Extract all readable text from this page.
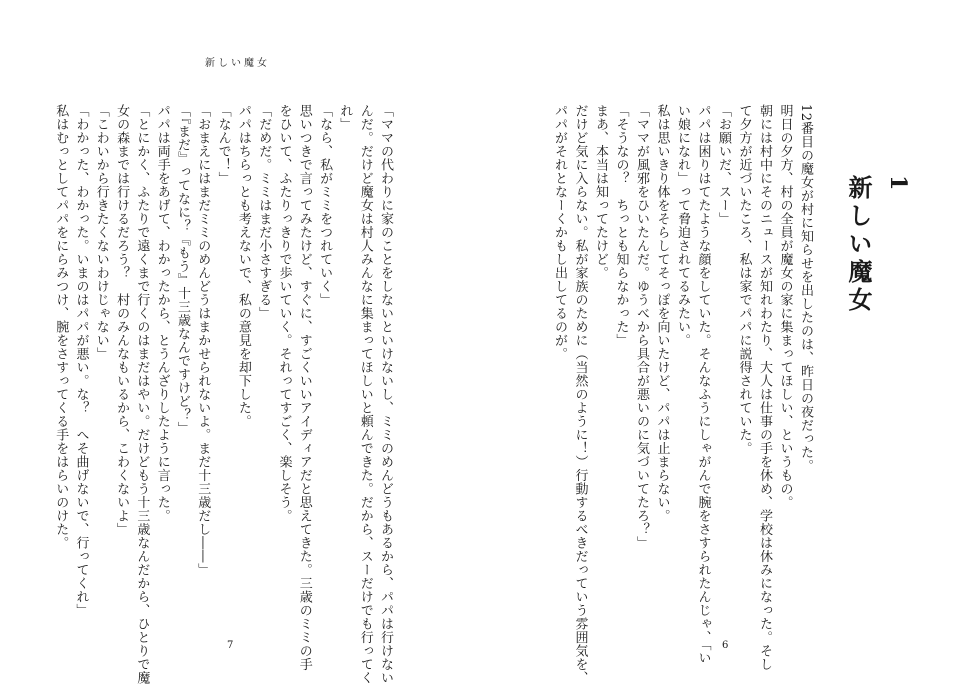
新しい魔女
1
新しい魔女
12番目の魔女が村に知らせを出したのは、昨日の夜だった。
明日の夕方、村の全員が魔女の家に集まってほしい、というもの。
朝には村中にそのニュースが知れわたり、大人は仕事の手を休め、学校は休みになった。そし
て夕方が近づいたころ、私は家でパパに説得されていた。
「お願いだ、スー」
パパは困りはてたような顔をしていた。そんなふうにしゃがんで腕をさすられたんじゃ、「い
い娘になれ」って脅迫されてるみたい。
私は思いきり体をそらしてそっぽを向いたけど、パパは止まらない。
「ママが風邪をひいたんだ。ゆうべから具合が悪いのに気づいてたろ？」
「そうなの？　ちっとも知らなかった」
まあ、本当は知ってたけど。
だけど気に入らない。私が家族のために（当然のように！）行動するべきだっていう雰囲気を、
パパがそれとなーくかもし出してるのが。
「ママの代わりに家のことをしないといけないし、ミミのめんどうもあるから、パパは行けない
んだ。だけど魔女は村人みんなに集まってほしいと頼んできた。だから、スーだけでも行ってく
れ」
「なら、私がミミをつれていく」
思いつきで言ってみたけど、すぐに、すごくいいアイディアだと思えてきた。三歳のミミの手
をひいて、ふたりっきりで歩いていく。それってすごく、楽しそう。
「だめだ。ミミはまだ小さすぎる」
パパはちらっとも考えないで、私の意見を却下した。
「なんで！」
「おまえにはまだミミのめんどうはまかせられないよ。まだ十三歳だし――」
「『まだ』ってなに？『もう』十三歳なんですけど？」
パパは両手をあげて、わかったから、とうんざりしたように言った。
「とにかく、ふたりで遠くまで行くのはまだはやい。だけどもう十三歳なんだから、ひとりで魔
女の森までは行けるだろう？　村のみんなもいるから、こわくないよ」
「こわいから行きたくないわけじゃない」
「わかった、わかった。いまのはパパが悪い。な？　へそ曲げないで、行ってくれ」
私はむっとしてパパをにらみつけ、腕をさすってくる手をはらいのけた。
7	6
